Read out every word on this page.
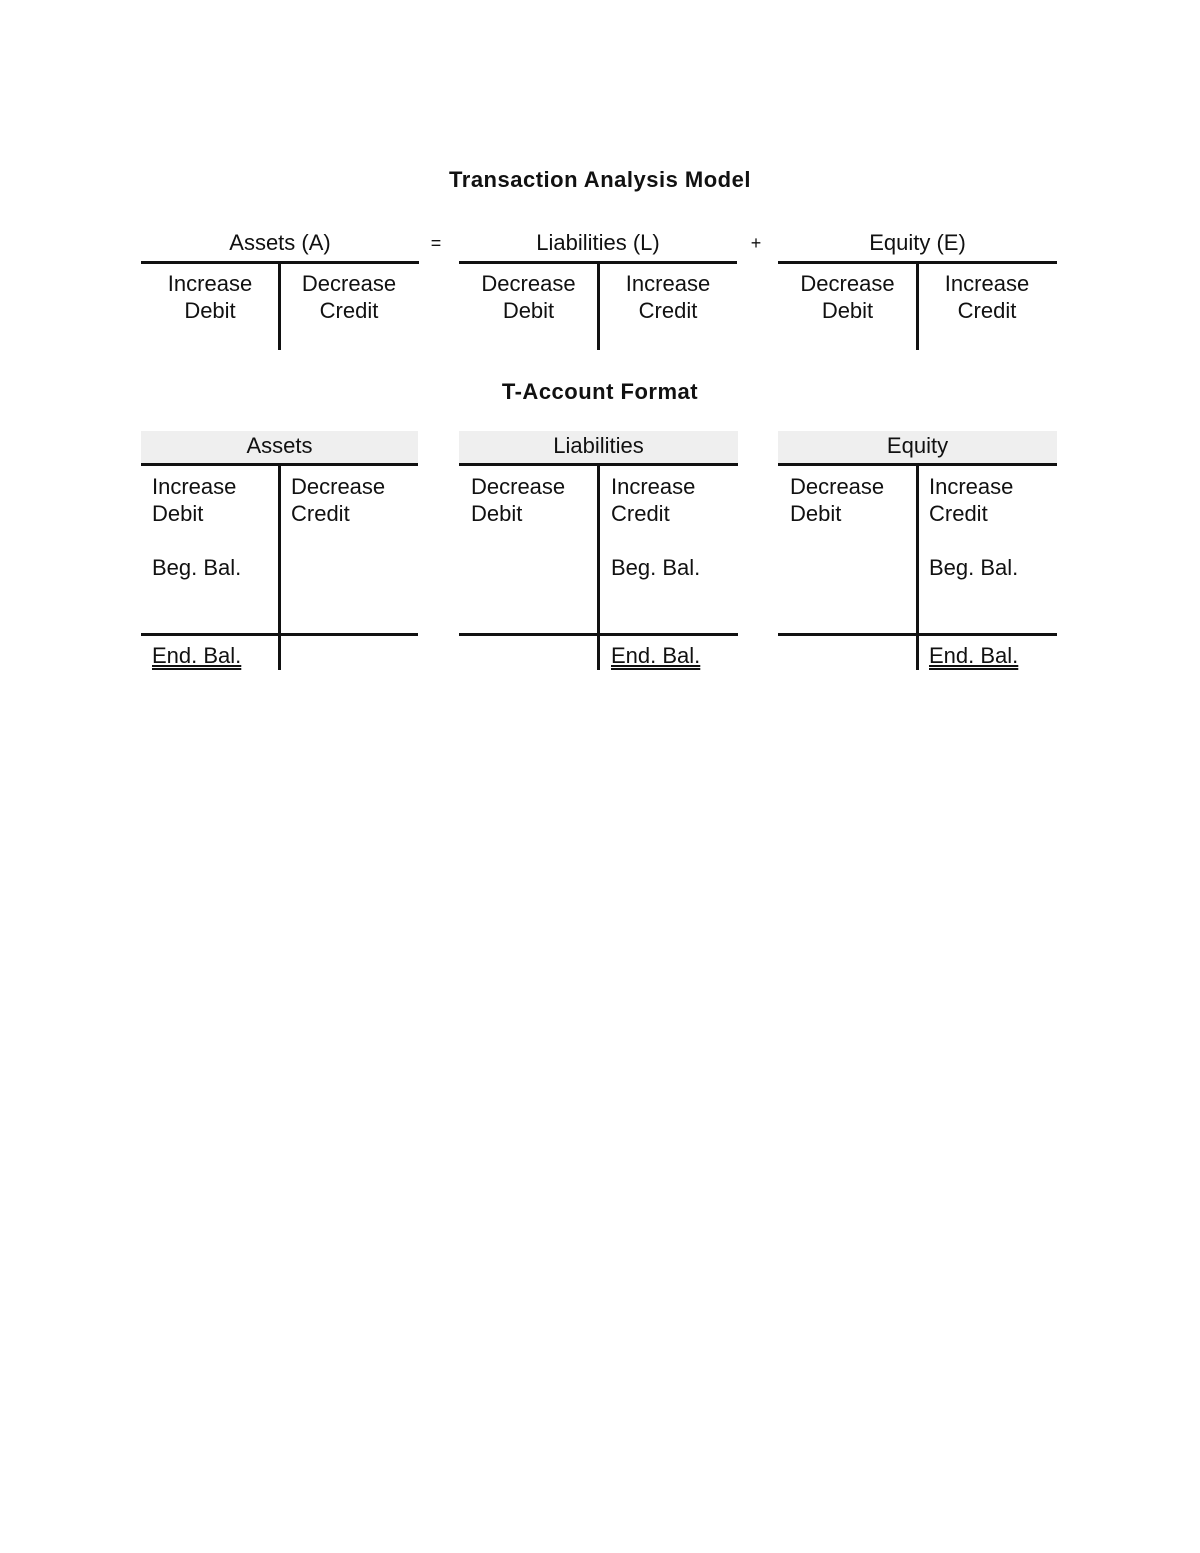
Transaction Analysis Model
Assets (A)
Increase
Debit
Decrease
Credit
=	Liabilities (L)
Decrease
Debit
Increase
Credit
+	Equity (E)
Decrease
Debit
Increase
Credit
T-Account Format
Assets
Increase
Debit
Decrease
Credit
Beg. Bal.
End. Bal.
Liabilities
Decrease
Debit
Increase
Credit
Beg. Bal.
End. Bal.
Equity
Decrease
Debit
Increase
Credit
Beg. Bal.
End. Bal.
